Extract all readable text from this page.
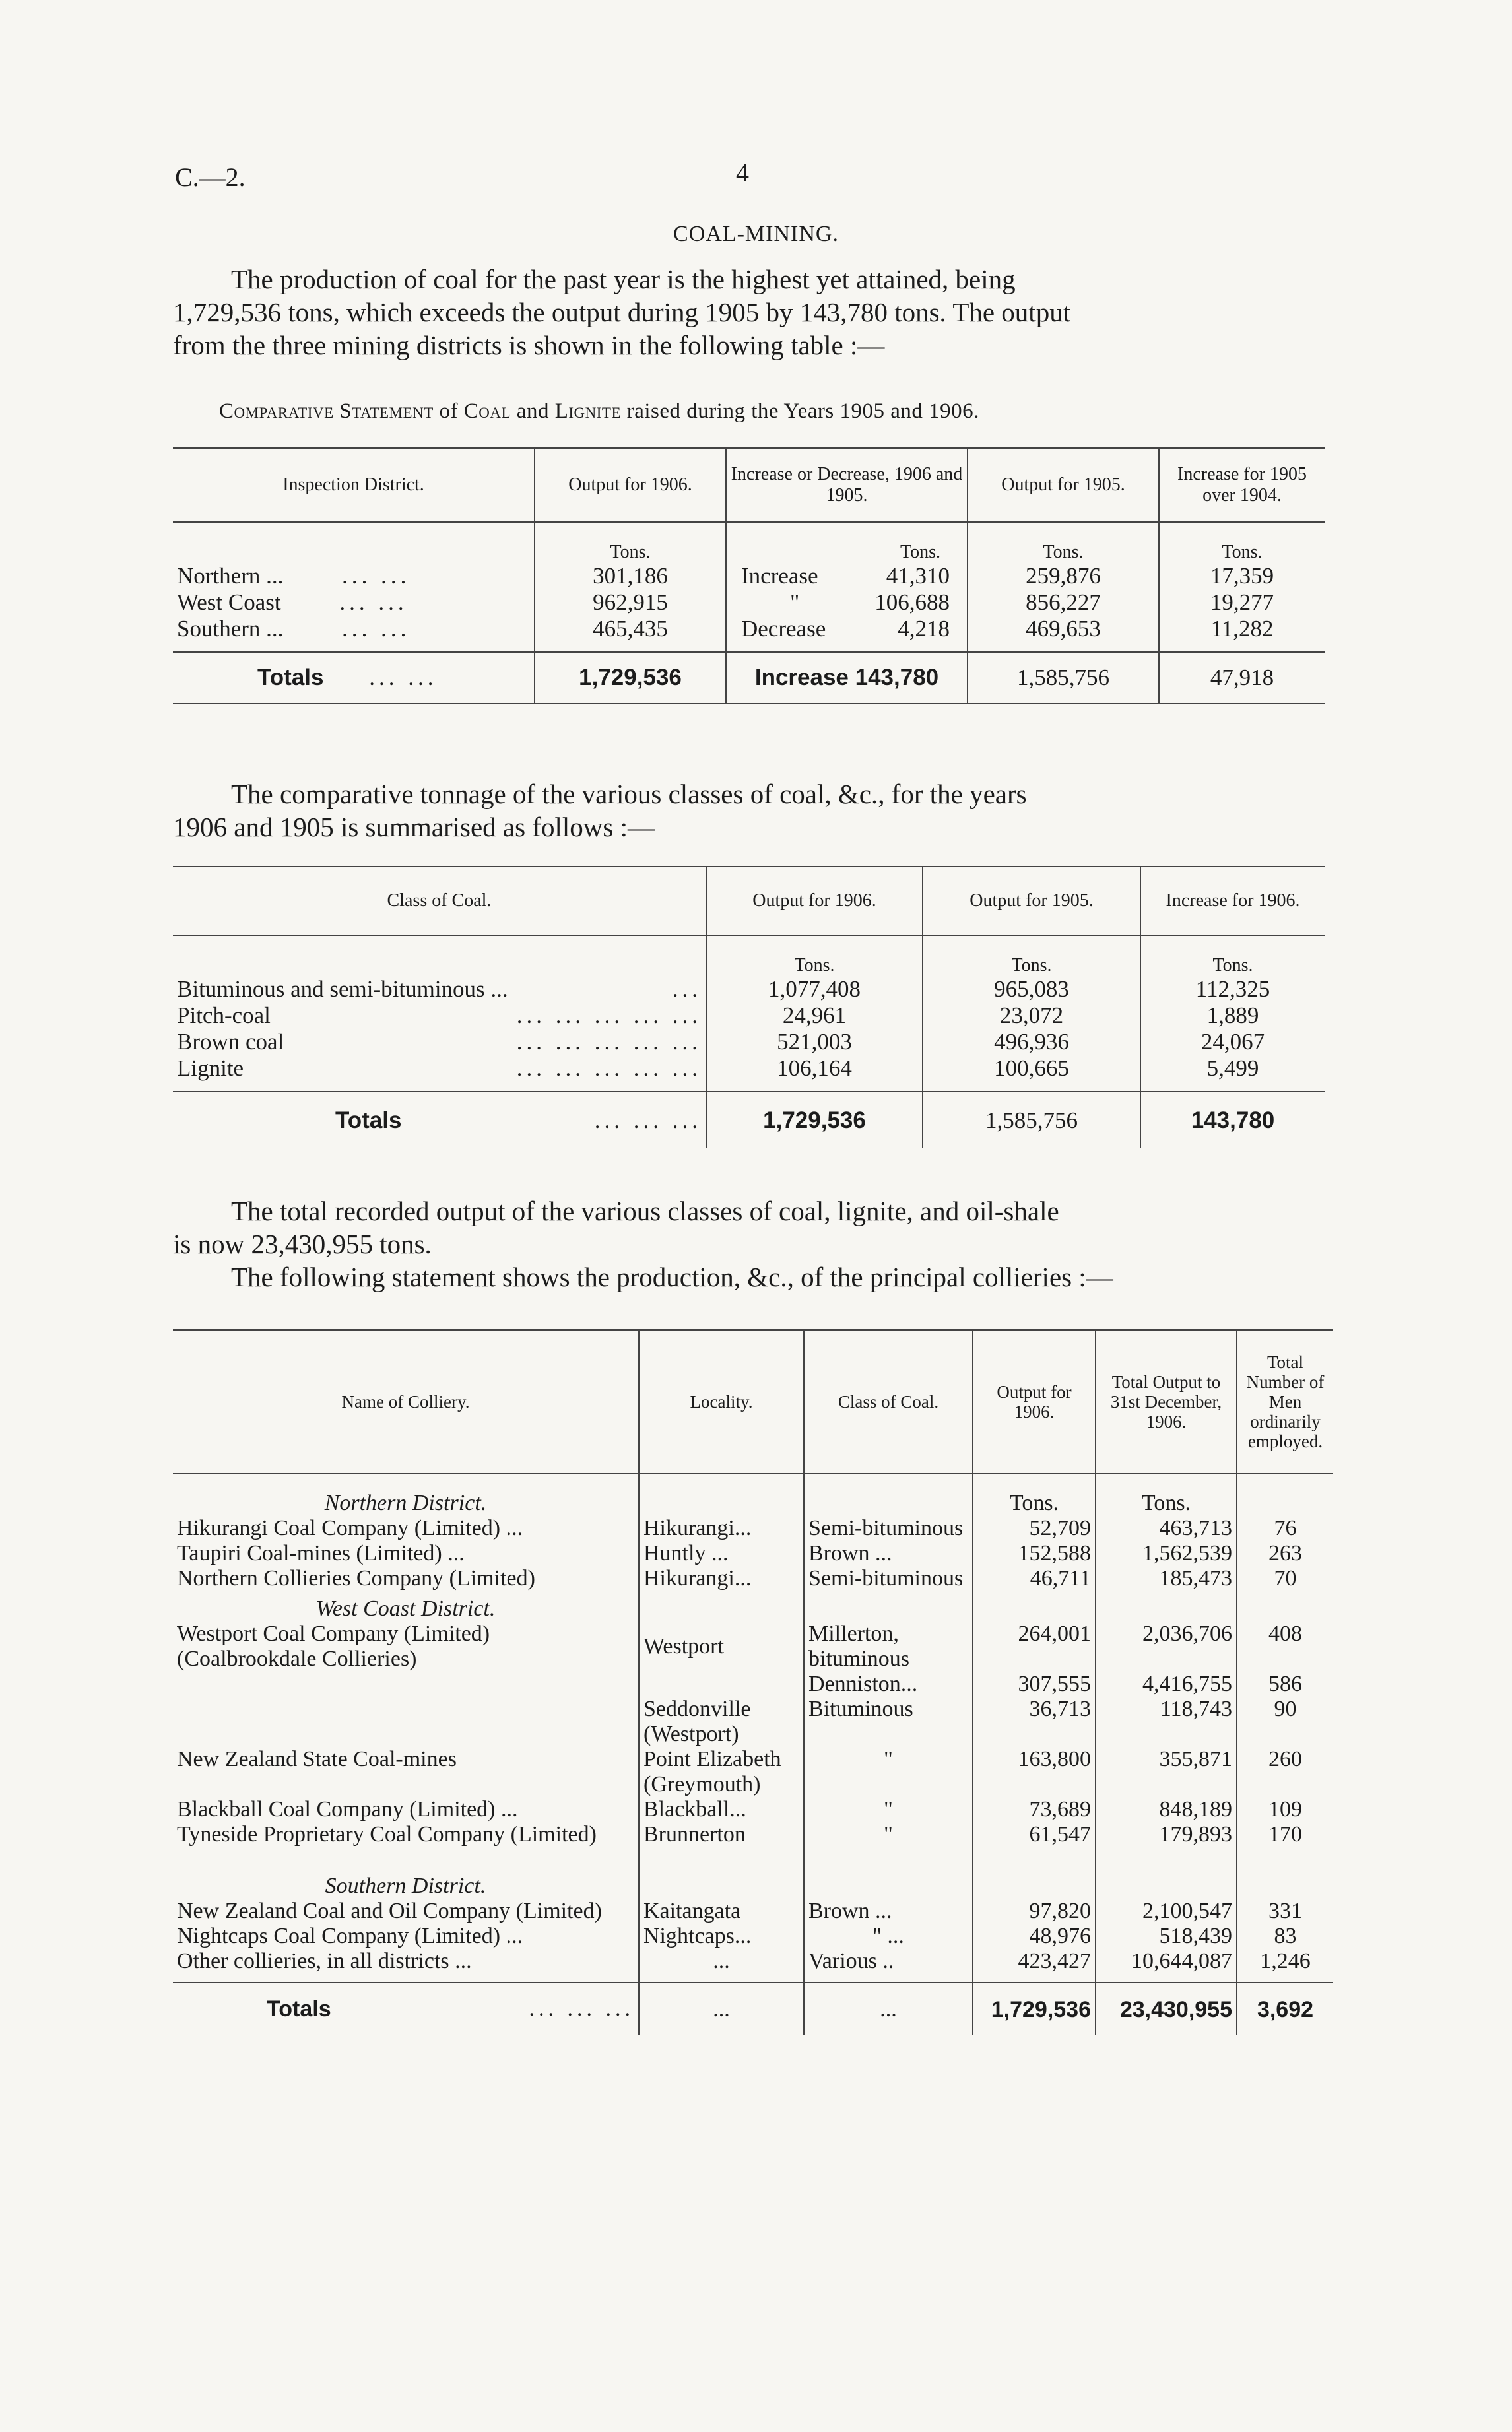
C.—2.	4
COAL-MINING.

The production of coal for the past year is the highest yet attained, being

1,729,536 tons, which exceeds the output during 1905 by 143,780 tons. The output

from the three mining districts is shown in the following table :—

Comparative Statement of Coal and Lignite raised during the Years 1905 and 1906.
Inspection District.	Output for 1906.	Increase or Decrease, 1906 and 1905.	Output for 1905.	Increase for 1905 over 1904.
	Tons.	Tons.	Tons.	Tons.
Northern ... ... ...	301,186	Increase 41,310	259,876	17,359
West Coast ... ...	962,915	" 106,688	856,227	19,277
Southern ... ... ...	465,435	Decrease 4,218	469,653	11,282
Totals ... ...	1,729,536	Increase 143,780	1,585,756	47,918

The comparative tonnage of the various classes of coal, &c., for the years

1906 and 1905 is summarised as follows :—

Class of Coal.	Output for 1906.	Output for 1905.	Increase for 1906.
	Tons.	Tons.	Tons.
Bituminous and semi-bituminous ... ...	1,077,408	965,083	112,325
Pitch-coal ... ... ... ... ...	24,961	23,072	1,889
Brown coal ... ... ... ... ...	521,003	496,936	24,067
Lignite ... ... ... ... ...	106,164	100,665	5,499
Totals ... ... ...	1,729,536	1,585,756	143,780

The total recorded output of the various classes of coal, lignite, and oil-shale

is now 23,430,955 tons.

The following statement shows the production, &c., of the principal collieries :—

Name of Colliery.	Locality.	Class of Coal.	Output for 1906.	Total Output to 31st December, 1906.	Total Number of Men ordinarily employed.
Northern District.			Tons.	Tons.	
Hikurangi Coal Company (Limited) ...	Hikurangi...	Semi-bituminous	52,709	463,713	76
Taupiri Coal-mines (Limited) ...	Huntly ...	Brown ...	152,588	1,562,539	263
Northern Collieries Company (Limited)	Hikurangi...	Semi-bituminous	46,711	185,473	70
West Coast District.					
Westport Coal Company (Limited) (Coalbrookdale Collieries)	Westport	Millerton, bituminous	264,001	2,036,706	408
		Denniston...	307,555	4,416,755	586
	Seddonville (Westport)	Bituminous	36,713	118,743	90
New Zealand State Coal-mines	Point Elizabeth (Greymouth)	"	163,800	355,871	260
Blackball Coal Company (Limited) ...	Blackball...	"	73,689	848,189	109
Tyneside Proprietary Coal Company (Limited)	Brunnerton	"	61,547	179,893	170
Southern District.					
New Zealand Coal and Oil Company (Limited)	Kaitangata	Brown ...	97,820	2,100,547	331
Nightcaps Coal Company (Limited) ...	Nightcaps...	" ...	48,976	518,439	83
Other collieries, in all districts ...	...	Various ..	423,427	10,644,087	1,246
Totals ... ... ...	...	...	1,729,536	23,430,955	3,692
